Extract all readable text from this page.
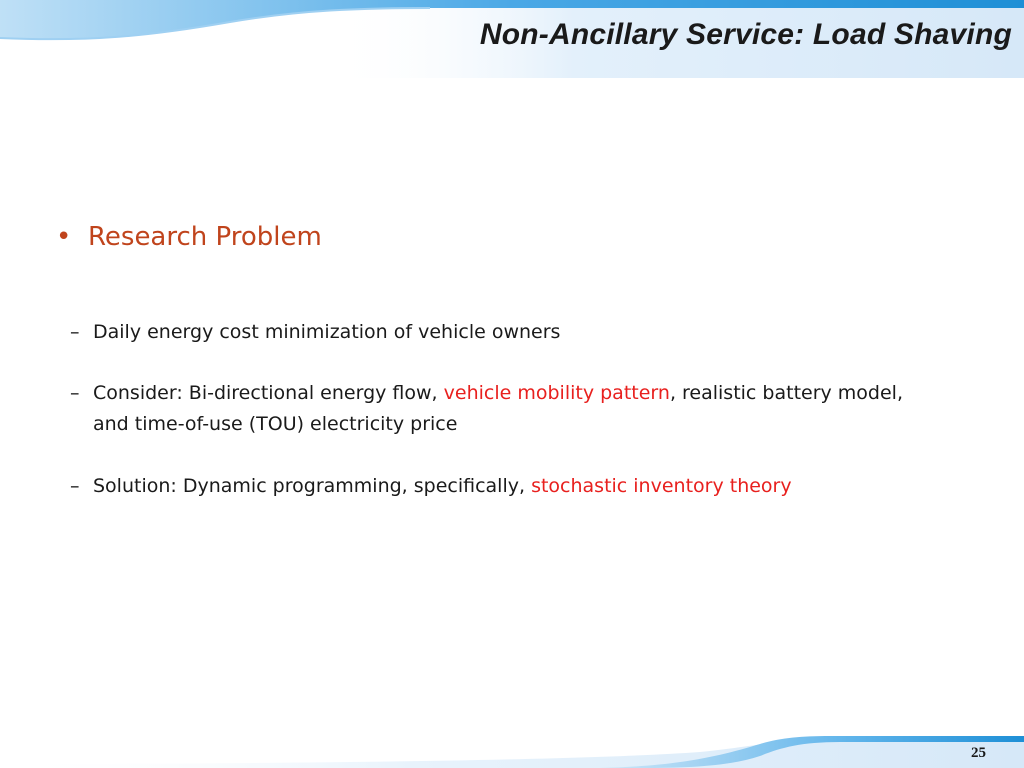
Non-Ancillary Service: Load Shaving
• Research Problem
– Daily energy cost minimization of vehicle owners
– Consider: Bi-directional energy flow, vehicle mobility pattern, realistic battery model,
and time-of-use (TOU) electricity price
– Solution: Dynamic programming, specifically, stochastic inventory theory
25
